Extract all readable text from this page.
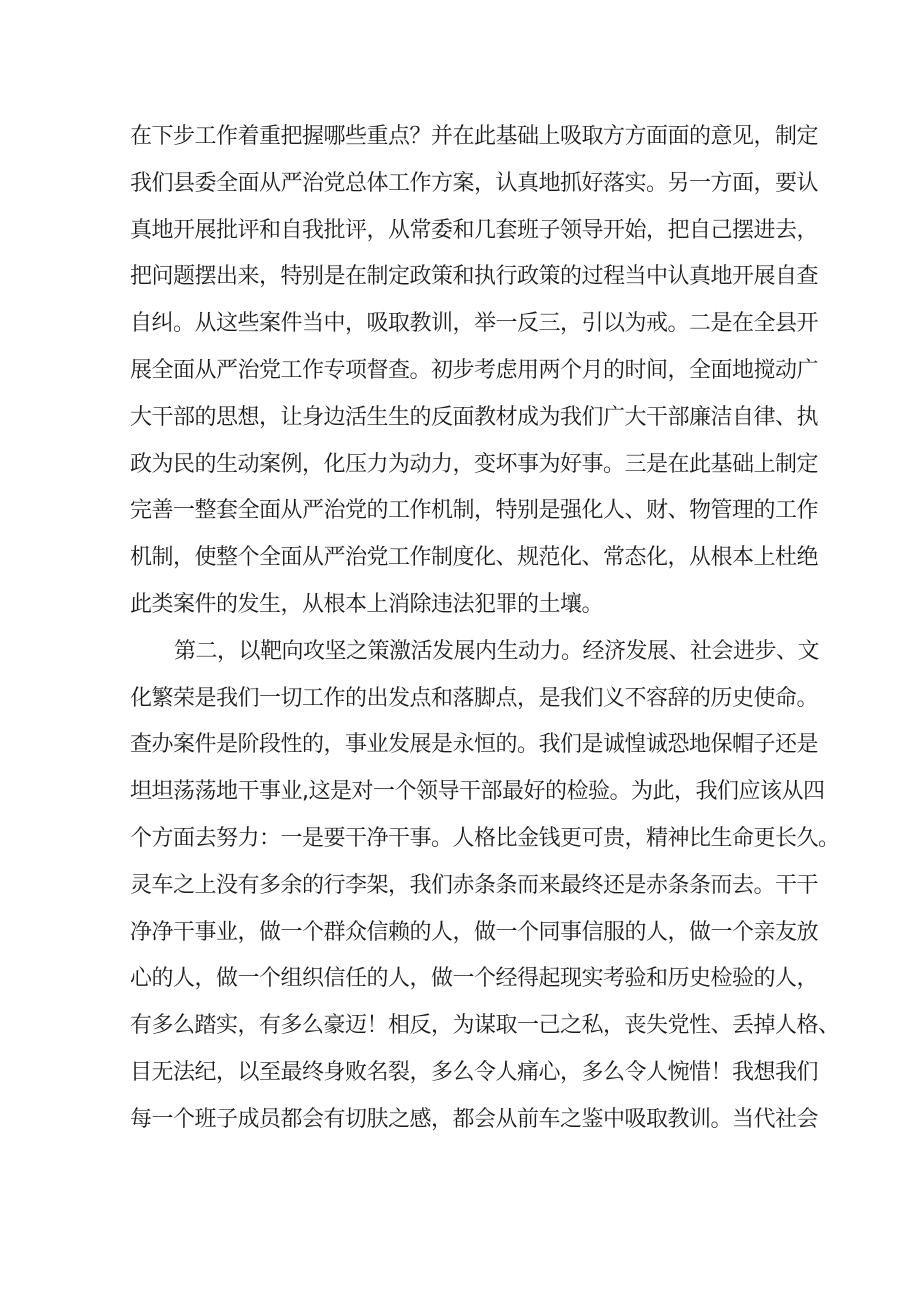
在下步工作着重把握哪些重点？并在此基础上吸取方方面面的意见，制定
我们县委全面从严治党总体工作方案，认真地抓好落实。另一方面，要认
真地开展批评和自我批评，从常委和几套班子领导开始，把自己摆进去，
把问题摆出来，特别是在制定政策和执行政策的过程当中认真地开展自查
自纠。从这些案件当中，吸取教训，举一反三，引以为戒。二是在全县开
展全面从严治党工作专项督查。初步考虑用两个月的时间，全面地搅动广
大干部的思想，让身边活生生的反面教材成为我们广大干部廉洁自律、执
政为民的生动案例，化压力为动力，变坏事为好事。三是在此基础上制定
完善一整套全面从严治党的工作机制，特别是强化人、财、物管理的工作
机制，使整个全面从严治党工作制度化、规范化、常态化，从根本上杜绝
此类案件的发生，从根本上消除违法犯罪的土壤。
第二，以靶向攻坚之策激活发展内生动力。经济发展、社会进步、文
化繁荣是我们一切工作的出发点和落脚点，是我们义不容辞的历史使命。
查办案件是阶段性的，事业发展是永恒的。我们是诚惶诚恐地保帽子还是
坦坦荡荡地干事业,这是对一个领导干部最好的检验。为此，我们应该从四
个方面去努力：一是要干净干事。人格比金钱更可贵，精神比生命更长久。
灵车之上没有多余的行李架，我们赤条条而来最终还是赤条条而去。干干
净净干事业，做一个群众信赖的人，做一个同事信服的人，做一个亲友放
心的人，做一个组织信任的人，做一个经得起现实考验和历史检验的人，
有多么踏实，有多么豪迈！相反，为谋取一己之私，丧失党性、丢掉人格、
目无法纪，以至最终身败名裂，多么令人痛心，多么令人惋惜！我想我们
每一个班子成员都会有切肤之感，都会从前车之鉴中吸取教训。当代社会
